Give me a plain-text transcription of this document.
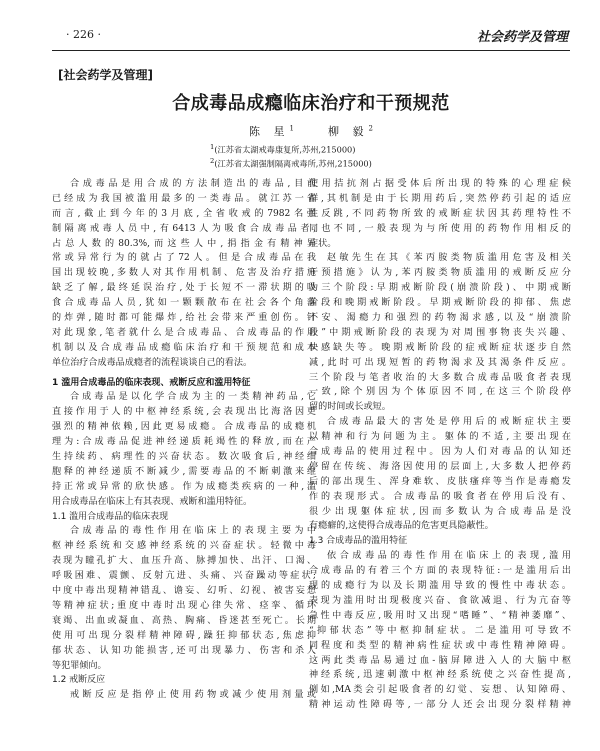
· 226 ·	社会药学及管理
[社会药学及管理]
合成毒品成瘾临床治疗和干预规范
陈 星$^1$	柳 毅$^2$
$^1$(江苏省太湖戒毒康复所,苏州,215000)
$^2$(江苏省太湖强制隔离戒毒所,苏州,215000)
合成毒品是用合成的方法制造出的毒品,目前
已经成为我国被滥用最多的一类毒品。就江苏一省
而言,截止到今年的3月底,全省收戒的7982名强
制隔离戒毒人员中,有6413人为吸食合成毒品者,
占总人数的80.3%,而这些人中,捐指金有精神异
常或异常行为的就占了72人。但是合成毒品在我
国出现较晚,多数人对其作用机制、危害及治疗措施
缺乏了解,最终延误治疗,处于长短不一滞状期的吸
食合成毒品人员,犹如一颗颗散布在社会各个角落
的炸弹,随时都可能爆炸,给社会带来严重创伤。针
对此现象,笔者就什么是合成毒品、合成毒品的作用
机制以及合成毒品成瘾临床治疗和干预规范和成本
单位治疗合成毒品成瘾者的流程谈谈自己的看法。
1 滥用合成毒品的临床表现、戒断反应和滥用特征
合成毒品是以化学合成为主的一类精神药品,它
直接作用于人的中枢神经系统,会表现出比海洛因更
强烈的精神依赖,因此更易成瘾。合成毒品的成瘾机
理为:合成毒品促进神经递质耗竭性的释放,而在产
生持续药、病理性的兴奋状态。数次吸食后,神经细
胞释的神经递质不断减少,需要毒品的不断刺激来维
持正常或异常的欣快感。作为成瘾类疾病的一种,滥
用合成毒品在临床上有其表现、戒断和滥用特征。
1.1 滥用合成毒品的临床表现
合成毒品的毒性作用在临床上的表现主要为中
枢神经系统和交感神经系统的兴奋症状。轻微中毒
表现为瞳孔扩大、血压升高、脉搏加快、出汗、口渴、
呼吸困难、震颤、反射亢进、头痛、兴奋躁动等症状;
中度中毒出现精神错乱、谵妄、幻听、幻视、被害妄想
等精神症状;重度中毒时出现心律失常、痉挛、循环
衰竭、出血或凝血、高热、胸痛、昏迷甚至死亡。长期
使用可出现分裂样精神障碍,躁狂抑郁状态,焦虑抑
郁状态、认知功能损害,还可出现暴力、伤害和杀人
等犯罪倾向。
1.2 戒断反应
戒断反应是指停止使用药物或减少使用剂量或
使用拮抗剂占据受体后所出现的特殊的心理症候
群,其机制是由于长期用药后,突然停药引起的适应
性反跳,不同药物所致的戒断症状因其药理特性不
同也不同,一般表现为与所使用的药物作用相反的
症状。
赵敏先生在其《苯丙胺类物质滥用危害及相关
干预措施》认为,苯丙胺类物质滥用的戒断反应分
为三个阶段:早期戒断阶段(崩溃阶段)、中期戒断
阶段和晚期戒断阶段。早期戒断阶段的抑郁、焦虑
不安、渴瘾力和强烈的药物渴求感,以及“崩溃阶
段”中期戒断阶段的表现为对周围事物丧失兴趣、
快感缺失等。晚期戒断阶段的症戒断症状逐步自然
减,此时可出现短暂的药物渴求及其渴条件反应。
三个阶段与笔者收治的大多数合成毒品吸食者表现
一致,除个别因为个体原因不同,在这三个阶段停
留的时间或长或短。
合成毒品最大的害处是停用后的戒断症状主要
以精神和行为问题为主。躯体的不适,主要出现在
合成毒品的使用过程中。因为人们对毒品的认知还
停留在传统、海洛因使用的层面上,大多数人把停药
后的部出现生、浑身难软、皮肤瘙痒等当作是毒瘾发
作的表现形式。合成毒品的吸食者在停用后没有、
很少出现躯体症状,因而多数认为合成毒品是没
有瘾癖的,这使得合成毒品的危害更具隐蔽性。
1.3 合成毒品的滥用特征
依合成毒品的毒性作用在临床上的表现,滥用
合成毒品的有着三个方面的表现特征:一是滥用后出
现的成瘾行为以及长期滥用导致的慢性中毒状态。
表现为滥用时出现极度兴奋、食欲减退、行为亢奋等
急性中毒反应,吸用时又出现“嗜睡”、“精神萎靡”、
“抑郁状态”等中枢抑制症状。二是滥用可导致不
同程度和类型的精神病性症状或中毒性精神障碍。
这两此类毒品易通过血-脑屏障进入人的大脑中枢
神经系统,迅速刺激中枢神经系统使之兴奋性提高,
例如,MA类会引起吸食者的幻觉、妄想、认知障碍、
精神运动性障碍等,一部分人还会出现分裂样精神
